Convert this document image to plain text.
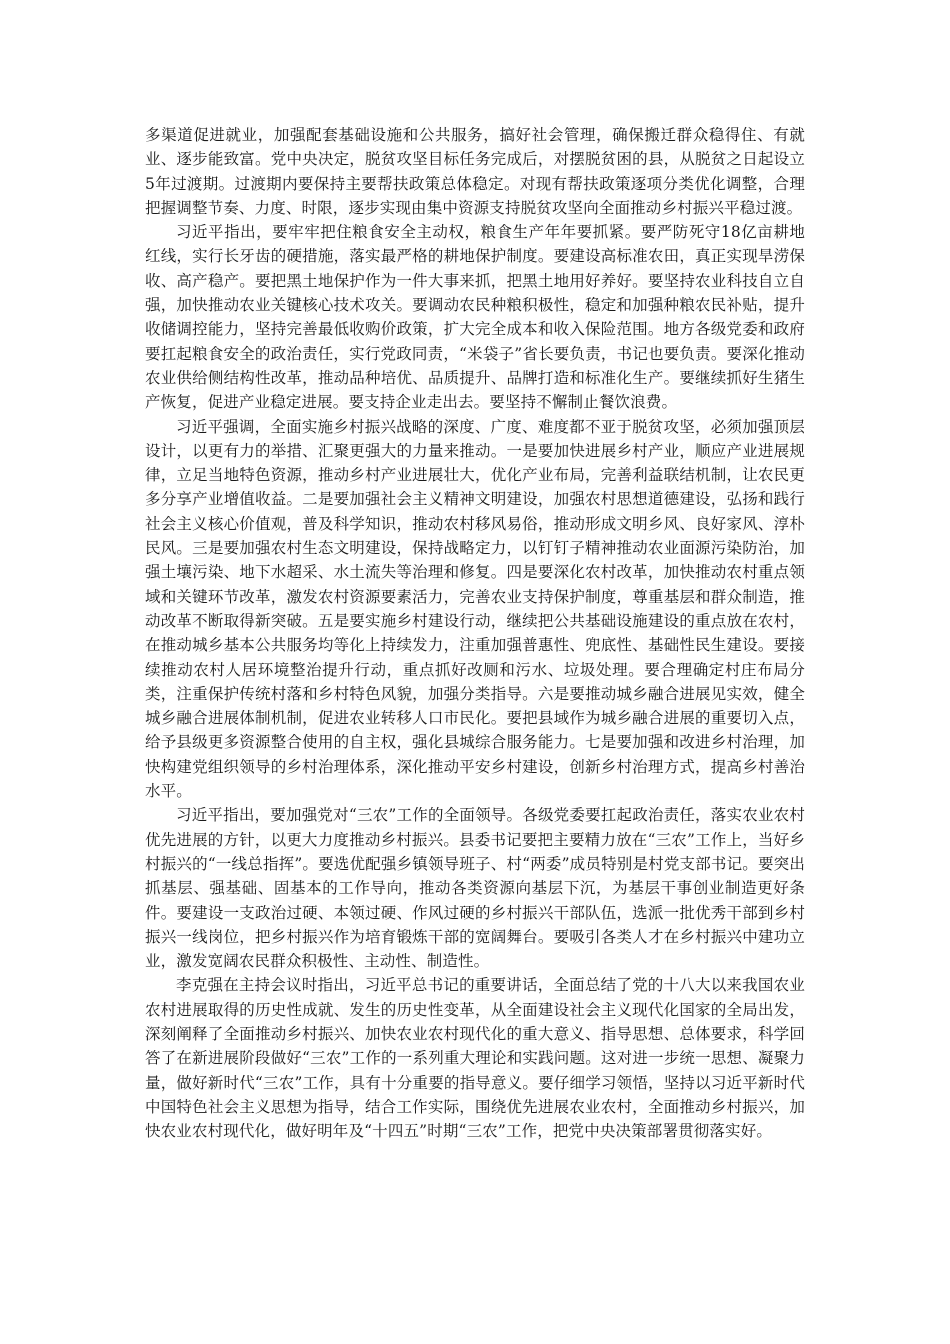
多渠道促进就业，加强配套基础设施和公共服务，搞好社会管理，确保搬迁群众稳得住、有就业、逐步能致富。党中央决定，脱贫攻坚目标任务完成后，对摆脱贫困的县，从脱贫之日起设立5年过渡期。过渡期内要保持主要帮扶政策总体稳定。对现有帮扶政策逐项分类优化调整，合理把握调整节奏、力度、时限，逐步实现由集中资源支持脱贫攻坚向全面推动乡村振兴平稳过渡。

习近平指出，要牢牢把住粮食安全主动权，粮食生产年年要抓紧。要严防死守18亿亩耕地红线，实行长牙齿的硬措施，落实最严格的耕地保护制度。要建设高标准农田，真正实现旱涝保收、高产稳产。要把黑土地保护作为一件大事来抓，把黑土地用好养好。要坚持农业科技自立自强，加快推动农业关键核心技术攻关。要调动农民种粮积极性，稳定和加强种粮农民补贴，提升收储调控能力，坚持完善最低收购价政策，扩大完全成本和收入保险范围。地方各级党委和政府要扛起粮食安全的政治责任，实行党政同责，“米袋子”省长要负责，书记也要负责。要深化推动农业供给侧结构性改革，推动品种培优、品质提升、品牌打造和标准化生产。要继续抓好生猪生产恢复，促进产业稳定进展。要支持企业走出去。要坚持不懈制止餐饮浪费。

习近平强调，全面实施乡村振兴战略的深度、广度、难度都不亚于脱贫攻坚，必须加强顶层设计，以更有力的举措、汇聚更强大的力量来推动。一是要加快进展乡村产业，顺应产业进展规律，立足当地特色资源，推动乡村产业进展壮大，优化产业布局，完善利益联结机制，让农民更多分享产业增值收益。二是要加强社会主义精神文明建设，加强农村思想道德建设，弘扬和践行社会主义核心价值观，普及科学知识，推动农村移风易俗，推动形成文明乡风、良好家风、淳朴民风。三是要加强农村生态文明建设，保持战略定力，以钉钉子精神推动农业面源污染防治，加强土壤污染、地下水超采、水土流失等治理和修复。四是要深化农村改革，加快推动农村重点领域和关键环节改革，激发农村资源要素活力，完善农业支持保护制度，尊重基层和群众制造，推动改革不断取得新突破。五是要实施乡村建设行动，继续把公共基础设施建设的重点放在农村，在推动城乡基本公共服务均等化上持续发力，注重加强普惠性、兜底性、基础性民生建设。要接续推动农村人居环境整治提升行动，重点抓好改厕和污水、垃圾处理。要合理确定村庄布局分类，注重保护传统村落和乡村特色风貌，加强分类指导。六是要推动城乡融合进展见实效，健全城乡融合进展体制机制，促进农业转移人口市民化。要把县域作为城乡融合进展的重要切入点，给予县级更多资源整合使用的自主权，强化县城综合服务能力。七是要加强和改进乡村治理，加快构建党组织领导的乡村治理体系，深化推动平安乡村建设，创新乡村治理方式，提高乡村善治水平。

习近平指出，要加强党对“三农”工作的全面领导。各级党委要扛起政治责任，落实农业农村优先进展的方针，以更大力度推动乡村振兴。县委书记要把主要精力放在“三农”工作上，当好乡村振兴的“一线总指挥”。要选优配强乡镇领导班子、村“两委”成员特别是村党支部书记。要突出抓基层、强基础、固基本的工作导向，推动各类资源向基层下沉，为基层干事创业制造更好条件。要建设一支政治过硬、本领过硬、作风过硬的乡村振兴干部队伍，选派一批优秀干部到乡村振兴一线岗位，把乡村振兴作为培育锻炼干部的宽阔舞台。要吸引各类人才在乡村振兴中建功立业，激发宽阔农民群众积极性、主动性、制造性。

李克强在主持会议时指出，习近平总书记的重要讲话，全面总结了党的十八大以来我国农业农村进展取得的历史性成就、发生的历史性变革，从全面建设社会主义现代化国家的全局出发，深刻阐释了全面推动乡村振兴、加快农业农村现代化的重大意义、指导思想、总体要求，科学回答了在新进展阶段做好“三农”工作的一系列重大理论和实践问题。这对进一步统一思想、凝聚力量，做好新时代“三农”工作，具有十分重要的指导意义。要仔细学习领悟，坚持以习近平新时代中国特色社会主义思想为指导，结合工作实际，围绕优先进展农业农村，全面推动乡村振兴，加快农业农村现代化，做好明年及“十四五”时期“三农”工作，把党中央决策部署贯彻落实好。
